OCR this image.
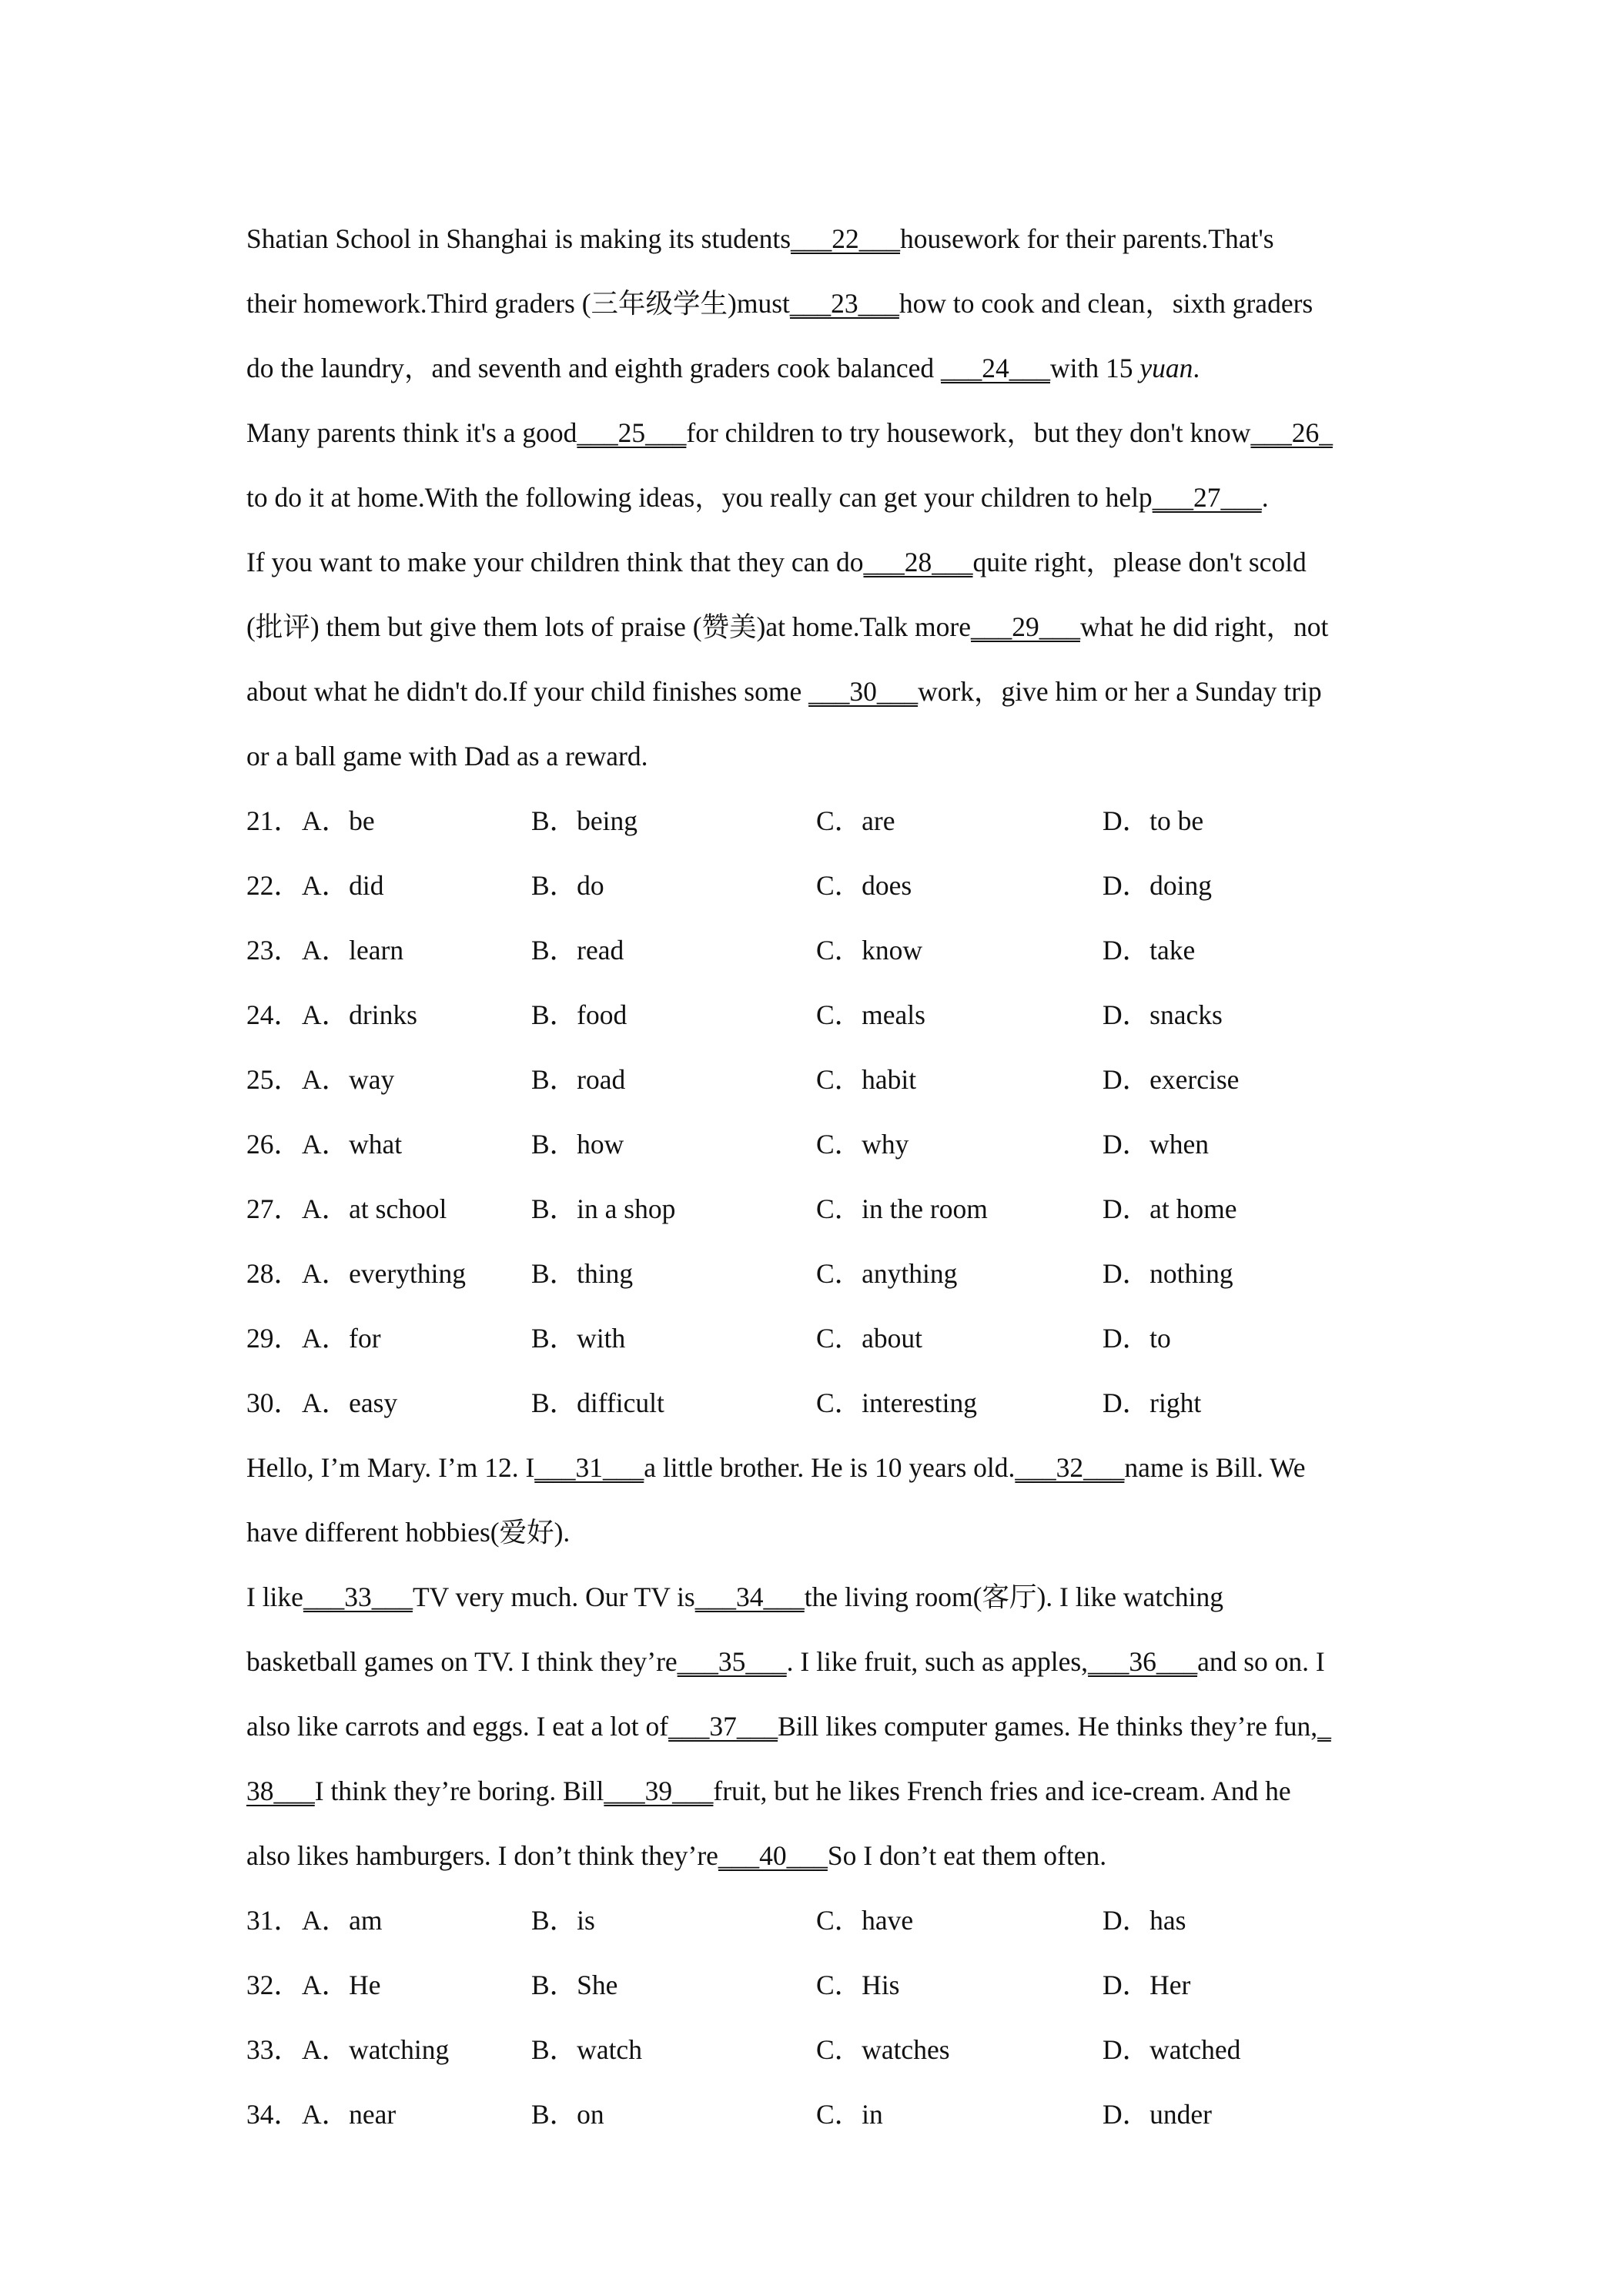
Shatian School in Shanghai is making its students___22___housework for their parents.That's
their homework.Third graders (三年级学生)must___23___how to cook and clean，sixth graders
do the laundry，and seventh and eighth graders cook balanced ___24___with 15 yuan.
Many parents think it's a good___25___for children to try housework，but they don't know___26_
to do it at home.With the following ideas，you really can get your children to help___27___.
If you want to make your children think that they can do___28___quite right，please don't scold
(批评) them but give them lots of praise (赞美)at home.Talk more___29___what he did right，not
about what he didn't do.If your child finishes some ___30___work，give him or her a Sunday trip
or a ball game with Dad as a reward.
21．A．be	B．being	C．are	D．to be
22．A．did	B．do	C．does	D．doing
23．A．learn	B．read	C．know	D．take
24．A．drinks	B．food	C．meals	D．snacks
25．A．way	B．road	C．habit	D．exercise
26．A．what	B．how	C．why	D．when
27．A．at school	B．in a shop	C．in the room	D．at home
28．A．everything B．thing	C．anything	D．nothing
29．A．for	B．with	C．about	D．to
30．A．easy	B．difficult	C．interesting	D．right
Hello, I’m Mary. I’m 12. I___31___a little brother. He is 10 years old.___32___name is Bill. We
have different hobbies(爱好).
I like___33___TV very much. Our TV is___34___the living room(客厅). I like watching
basketball games on TV. I think they’re___35___. I like fruit, such as apples,___36___and so on. I
also like carrots and eggs. I eat a lot of___37___Bill likes computer games. He thinks they’re fun,_
38___I think they’re boring. Bill___39___fruit, but he likes French fries and ice-cream. And he
also likes hamburgers. I don’t think they’re___40___So I don’t eat them often.
31．A．am	B．is	C．have	D．has
32．A．He	B．She	C．His	D．Her
33．A．watching	B．watch	C．watches	D．watched
34．A．near	B．on	C．in	D．under
